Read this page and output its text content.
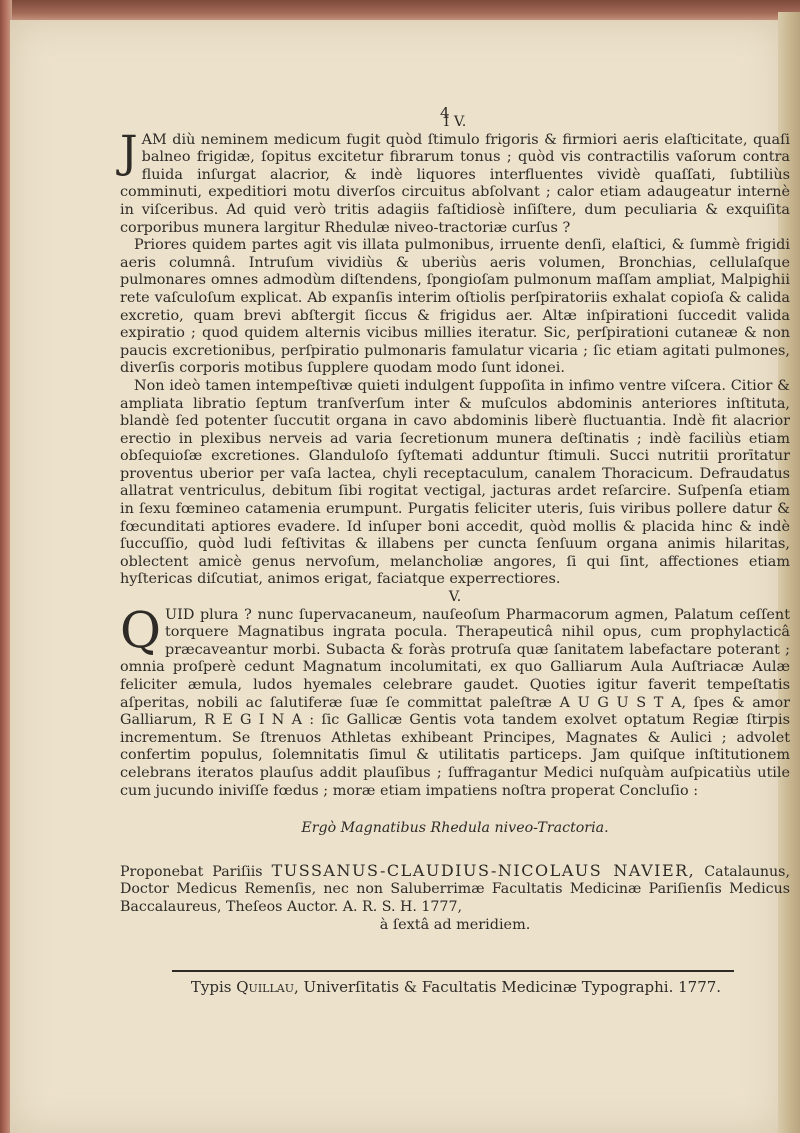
4
I V.

J AM diù neminem medicum fugit quòd ſtimulo frigoris & firmiori aeris elaſticitate, quaſi balneo frigidæ, ſopitus excitetur fibrarum tonus ; quòd vis contractilis vaſorum contra fluida inſurgat alacrior, & indè liquores interfluentes vividè quaſſati, ſubtiliùs comminuti, expeditiori motu diverſos circuitus abſolvant ; calor etiam adaugeatur internè in viſceribus. Ad quid verò tritis adagiis faſtidiosè inſiſtere, dum peculiaria & exquiſita corporibus munera largitur Rhedulæ niveo-tractoriæ curſus ?

Priores quidem partes agit vis illata pulmonibus, irruente denſi, elaſtici, & ſummè frigidi aeris columnâ. Intruſum vividiùs & uberiùs aeris volumen, Bronchias, cellulaſque pulmonares omnes admodùm diſtendens, ſpongioſam pulmonum maſſam ampliat, Malpighii rete vaſculoſum explicat. Ab expanſis interim oſtiolis perſpiratoriis exhalat copioſa & calida excretio, quam brevi abſtergit ſiccus & frigidus aer. Altæ inſpirationi ſuccedit valida expiratio ; quod quidem alternis vicibus millies iteratur. Sic, perſpirationi cutaneæ & non paucis excretionibus, perſpiratio pulmonaris famulatur vicaria ; ſic etiam agitati pulmones, diverſis corporis motibus ſupplere quodam modo ſunt idonei.

Non ideò tamen intempeſtivæ quieti indulgent ſuppoſita in infimo ventre viſcera. Citior & ampliata libratio ſeptum tranſverſum inter & muſculos abdominis anteriores inſtituta, blandè ſed potenter ſuccutit organa in cavo abdominis liberè fluctuantia. Indè fit alacrior erectio in plexibus nerveis ad varia ſecretionum munera deſtinatis ; indè faciliùs etiam obſequioſæ excretiones. Glanduloſo ſyſtemati adduntur ſtimuli. Succi nutritii prorītatur proventus uberior per vaſa lactea, chyli receptaculum, canalem Thoracicum. Defraudatus allatrat ventriculus, debitum ſibi rogitat vectigal, jacturas ardet reſarcire. Suſpenſa etiam in ſexu fœmineo catamenia erumpunt. Purgatis feliciter uteris, ſuis viribus pollere datur & fœcunditati aptiores evadere. Id inſuper boni accedit, quòd mollis & placida hinc & indè ſuccuſſio, quòd ludi feſtivitas & illabens per cuncta ſenſuum organa animis hilaritas, oblectent amicè genus nervoſum, melancholiæ angores, ſi qui ſint, affectiones etiam hyſtericas diſcutiat, animos erigat, faciatque experrectiores.

V.

Q UID plura ? nunc ſupervacaneum, nauſeoſum Pharmacorum agmen, Palatum ceſſent torquere Magnatibus ingrata pocula. Therapeuticâ nihil opus, cum prophylacticâ præcaveantur morbi. Subacta & foràs protruſa quæ ſanitatem labefactare poterant ; omnia proſperè cedunt Magnatum incolumitati, ex quo Galliarum Aula Auſtriacæ Aulæ feliciter æmula, ludos hyemales celebrare gaudet. Quoties igitur faverit tempeſtatis aſperitas, nobili ac ſalutiferæ ſuæ ſe committat paleſtræ A U G U S T A, ſpes & amor Galliarum, R E G I N A : ſic Gallicæ Gentis vota tandem exolvet optatum Regiæ ſtirpis incrementum. Se ſtrenuos Athletas exhibeant Principes, Magnates & Aulici ; advolet confertim populus, ſolemnitatis ſimul & utilitatis particeps. Jam quiſque inſtitutionem celebrans iteratos plauſus addit plauſibus ; ſuffragantur Medici nuſquàm auſpicatiùs utile cum jucundo iniviſſe fœdus ; moræ etiam impatiens noſtra properat Concluſio :

Ergò Magnatibus Rhedula niveo-Tractoria.

Proponebat Pariſiis TUSSANUS-CLAUDIUS-NICOLAUS NAVIER, Catalaunus, Doctor Medicus Remenſis, nec non Saluberrimæ Facultatis Medicinæ Pariſienſis Medicus Baccalaureus, Theſeos Auctor. A. R. S. H. 1777,

à ſextâ ad meridiem.

Typis Quillau, Univerſitatis & Facultatis Medicinæ Typographi. 1777.
